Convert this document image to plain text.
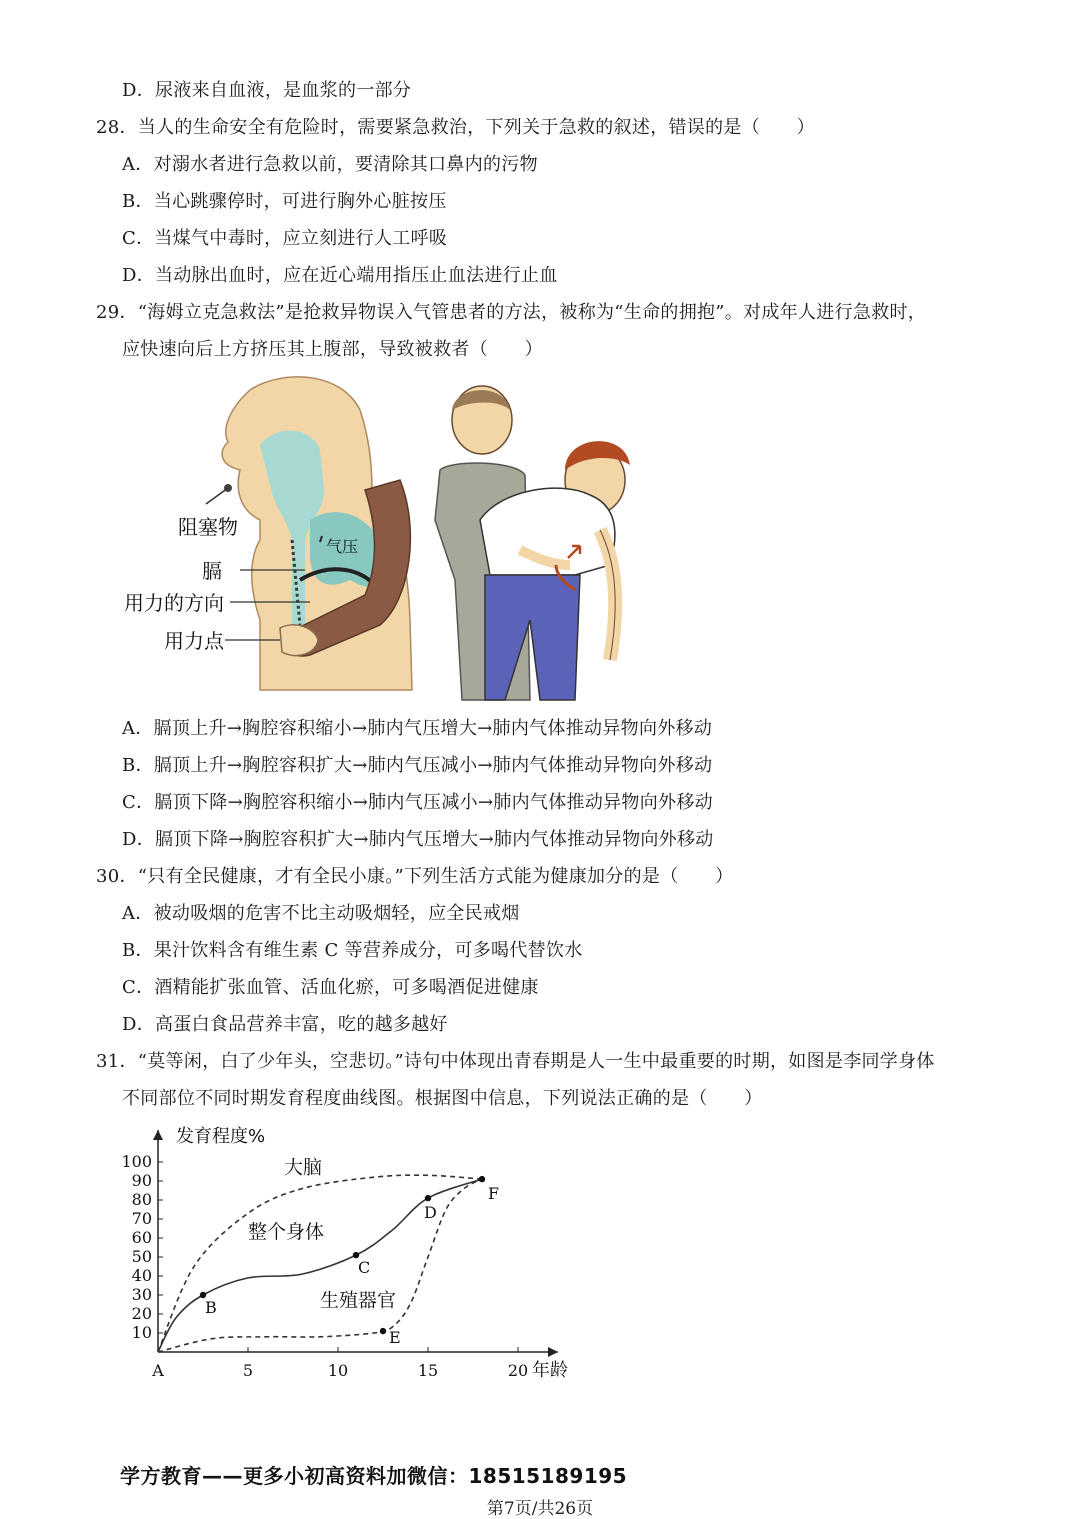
D．尿液来自血液，是血浆的一部分
28．当人的生命安全有危险时，需要紧急救治，下列关于急救的叙述，错误的是（　　）
A．对溺水者进行急救以前，要清除其口鼻内的污物
B．当心跳骤停时，可进行胸外心脏按压
C．当煤气中毒时，应立刻进行人工呼吸
D．当动脉出血时，应在近心端用指压止血法进行止血
29．“海姆立克急救法”是抢救异物误入气管患者的方法，被称为“生命的拥抱”。对成年人进行急救时，
应快速向后上方挤压其上腹部，导致被救者（　　）
阻塞物
气压
膈
用力的方向
用力点
A．膈顶上升→胸腔容积缩小→肺内气压增大→肺内气体推动异物向外移动
B．膈顶上升→胸腔容积扩大→肺内气压减小→肺内气体推动异物向外移动
C．膈顶下降→胸腔容积缩小→肺内气压减小→肺内气体推动异物向外移动
D．膈顶下降→胸腔容积扩大→肺内气压增大→肺内气体推动异物向外移动
30．“只有全民健康，才有全民小康。”下列生活方式能为健康加分的是（　　）
A．被动吸烟的危害不比主动吸烟轻，应全民戒烟
B．果汁饮料含有维生素 C 等营养成分，可多喝代替饮水
C．酒精能扩张血管、活血化瘀，可多喝酒促进健康
D．高蛋白食品营养丰富，吃的越多越好
31．“莫等闲，白了少年头，空悲切。”诗句中体现出青春期是人一生中最重要的时期，如图是李同学身体
不同部位不同时期发育程度曲线图。根据图中信息，下列说法正确的是（　　）
10
20
30
40
50
60
70
80
90
100
5	10	15	20
A
发育程度%
年龄
大脑
整个身体
生殖器官
B
C
D
E
F
学方教育——更多小初高资料加微信：18515189195
第7页/共26页
